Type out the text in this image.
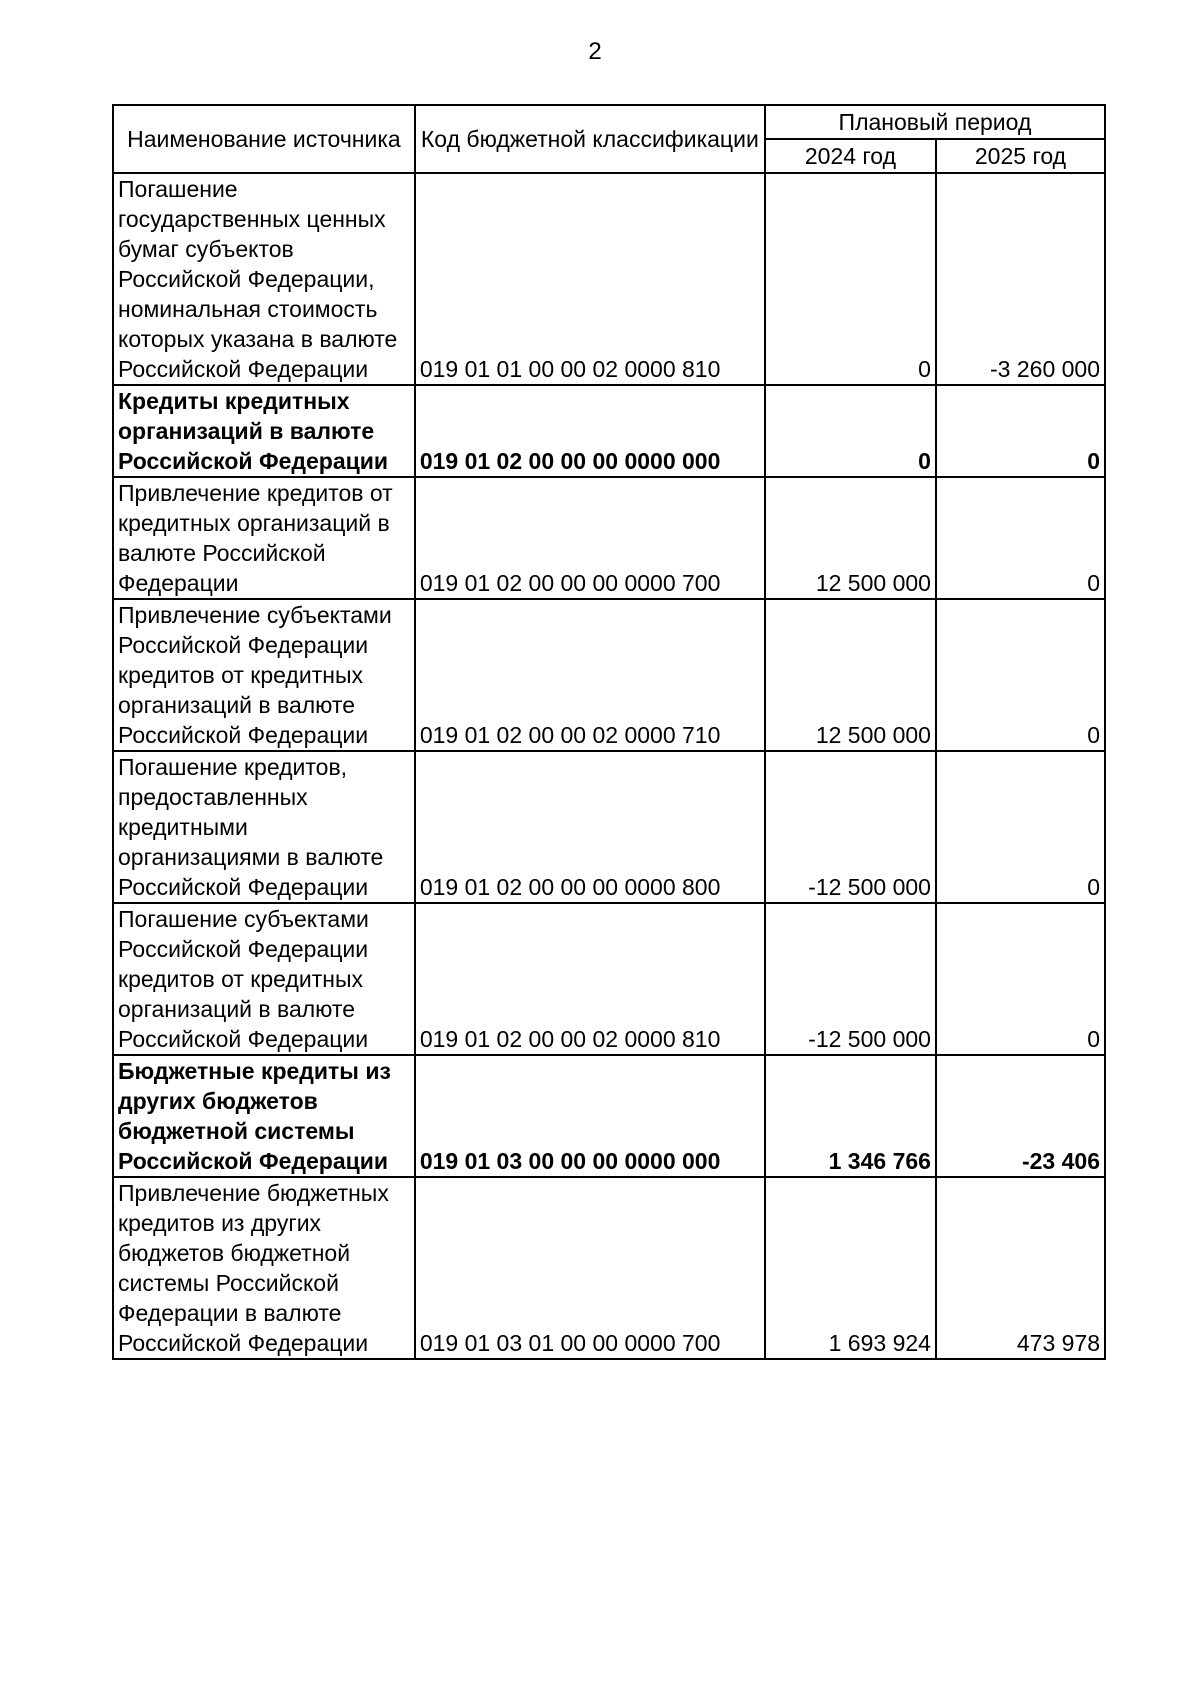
2
Наименование источника	Код бюджетной классификации	Плановый период	
		2024 год	2025 год
Погашение государственных ценных бумаг субъектов Российской Федерации, номинальная стоимость которых указана в валюте Российской Федерации	019 01 01 00 00 02 0000 810	0	-3 260 000
Кредиты кредитных организаций в валюте Российской Федерации	019 01 02 00 00 00 0000 000	0	0
Привлечение кредитов от кредитных организаций в валюте Российской Федерации	019 01 02 00 00 00 0000 700	12 500 000	0
Привлечение субъектами Российской Федерации кредитов от кредитных организаций в валюте Российской Федерации	019 01 02 00 00 02 0000 710	12 500 000	0
Погашение кредитов, предоставленных кредитными организациями в валюте Российской Федерации	019 01 02 00 00 00 0000 800	-12 500 000	0
Погашение субъектами Российской Федерации кредитов от кредитных организаций в валюте Российской Федерации	019 01 02 00 00 02 0000 810	-12 500 000	0
Бюджетные кредиты из других бюджетов бюджетной системы Российской Федерации	019 01 03 00 00 00 0000 000	1 346 766	-23 406
Привлечение бюджетных кредитов из других бюджетов бюджетной системы Российской Федерации в валюте Российской Федерации	019 01 03 01 00 00 0000 700	1 693 924	473 978
